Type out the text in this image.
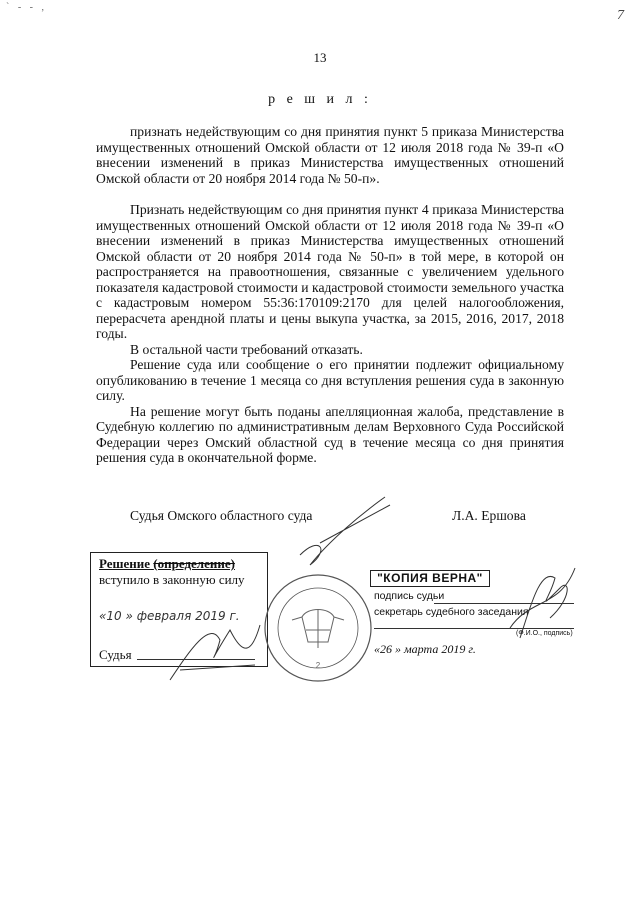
` - - ,
7
13
р е ш и л :

признать недействующим со дня принятия пункт 5 приказа Министерства имущественных отношений Омской области от 12 июля 2018 года № 39-п «О внесении изменений в приказ Министерства имущественных отношений Омской области от 20 ноября 2014 года № 50-п».

Признать недействующим со дня принятия пункт 4 приказа Министерства имущественных отношений Омской области от 12 июля 2018 года № 39-п «О внесении изменений в приказ Министерства имущественных отношений Омской области от 20 ноября 2014 года № 50-п» в той мере, в которой он распространяется на правоотношения, связанные с увеличением удельного показателя кадастровой стоимости и кадастровой стоимости земельного участка с кадастровым номером 55:36:170109:2170 для целей налогообложения, перерасчета арендной платы и цены выкупа участка, за 2015, 2016, 2017, 2018 годы.

В остальной части требований отказать.

Решение суда или сообщение о его принятии подлежит официальному опубликованию в течение 1 месяца со дня вступления решения суда в законную силу.

На решение могут быть поданы апелляционная жалоба, представление в Судебную коллегию по административным делам Верховного Суда Российской Федерации через Омский областной суд в течение месяца со дня принятия решения суда в окончательной форме.

Судья Омского областного суда	Л.А. Ершова
Решение (определение)
вступило в законную силу
«10 » февраля 2019 г.
Судья
2
"КОПИЯ ВЕРНА"
подпись судьи
секретарь судебного заседания
(Ф.И.О., подпись)
«26 » марта 2019 г.
